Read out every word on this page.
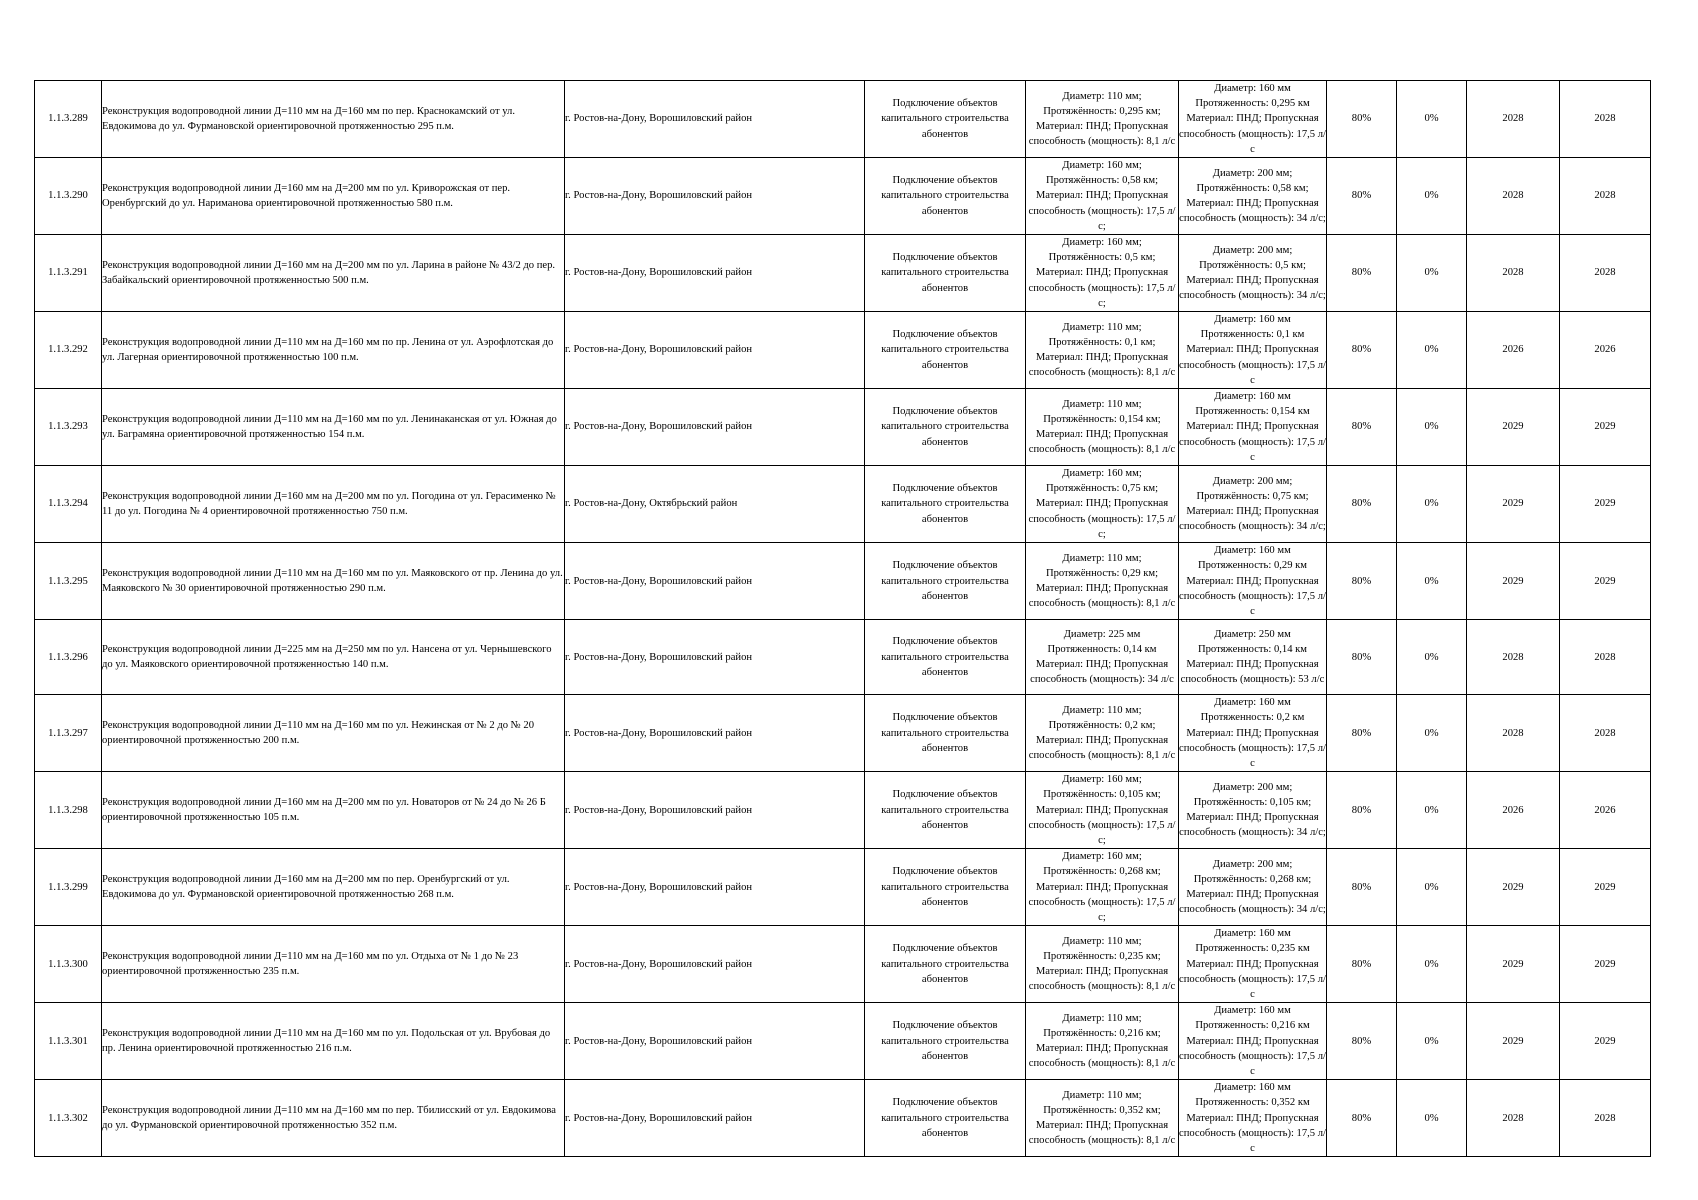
1.1.3.289	Реконструкция водопроводной линии Д=110 мм на Д=160 мм по пер. Краснокамский от ул. Евдокимова до ул. Фурмановской ориентировочной протяженностью 295 п.м.	г. Ростов-на-Дону, Ворошиловский район	Подключение объектов капитального строительства абонентов	Диаметр: 110 мм; Протяжённость: 0,295 км; Материал: ПНД; Пропускная способность (мощность): 8,1 л/с	Диаметр: 160 мм Протяженность: 0,295 км Материал: ПНД; Пропускная способность (мощность): 17,5 л/с	80%	0%	2028	2028
1.1.3.290	Реконструкция водопроводной линии Д=160 мм на Д=200 мм по ул. Криворожская от пер. Оренбургский до ул. Нариманова ориентировочной протяженностью 580 п.м.	г. Ростов-на-Дону, Ворошиловский район	Подключение объектов капитального строительства абонентов	Диаметр: 160 мм; Протяжённость: 0,58 км; Материал: ПНД; Пропускная способность (мощность): 17,5 л/с;	Диаметр: 200 мм; Протяжённость: 0,58 км; Материал: ПНД; Пропускная способность (мощность): 34 л/с;	80%	0%	2028	2028
1.1.3.291	Реконструкция водопроводной линии Д=160 мм на Д=200 мм по ул. Ларина в районе № 43/2 до пер. Забайкальский ориентировочной протяженностью 500 п.м.	г. Ростов-на-Дону, Ворошиловский район	Подключение объектов капитального строительства абонентов	Диаметр: 160 мм; Протяжённость: 0,5 км; Материал: ПНД; Пропускная способность (мощность): 17,5 л/с;	Диаметр: 200 мм; Протяжённость: 0,5 км; Материал: ПНД; Пропускная способность (мощность): 34 л/с;	80%	0%	2028	2028
1.1.3.292	Реконструкция водопроводной линии Д=110 мм на Д=160 мм по пр. Ленина от ул. Аэрофлотская до ул. Лагерная ориентировочной протяженностью 100 п.м.	г. Ростов-на-Дону, Ворошиловский район	Подключение объектов капитального строительства абонентов	Диаметр: 110 мм; Протяжённость: 0,1 км; Материал: ПНД; Пропускная способность (мощность): 8,1 л/с	Диаметр: 160 мм Протяженность: 0,1 км Материал: ПНД; Пропускная способность (мощность): 17,5 л/с	80%	0%	2026	2026
1.1.3.293	Реконструкция водопроводной линии Д=110 мм на Д=160 мм по ул. Ленинаканская от ул. Южная до ул. Баграмяна ориентировочной протяженностью 154 п.м.	г. Ростов-на-Дону, Ворошиловский район	Подключение объектов капитального строительства абонентов	Диаметр: 110 мм; Протяжённость: 0,154 км; Материал: ПНД; Пропускная способность (мощность): 8,1 л/с	Диаметр: 160 мм Протяженность: 0,154 км Материал: ПНД; Пропускная способность (мощность): 17,5 л/с	80%	0%	2029	2029
1.1.3.294	Реконструкция водопроводной линии Д=160 мм на Д=200 мм по ул. Погодина от ул. Герасименко № 11 до ул. Погодина № 4 ориентировочной протяженностью 750 п.м.	г. Ростов-на-Дону, Октябрьский район	Подключение объектов капитального строительства абонентов	Диаметр: 160 мм; Протяжённость: 0,75 км; Материал: ПНД; Пропускная способность (мощность): 17,5 л/с;	Диаметр: 200 мм; Протяжённость: 0,75 км; Материал: ПНД; Пропускная способность (мощность): 34 л/с;	80%	0%	2029	2029
1.1.3.295	Реконструкция водопроводной линии Д=110 мм на Д=160 мм по ул. Маяковского от пр. Ленина до ул. Маяковского № 30 ориентировочной протяженностью 290 п.м.	г. Ростов-на-Дону, Ворошиловский район	Подключение объектов капитального строительства абонентов	Диаметр: 110 мм; Протяжённость: 0,29 км; Материал: ПНД; Пропускная способность (мощность): 8,1 л/с	Диаметр: 160 мм Протяженность: 0,29 км Материал: ПНД; Пропускная способность (мощность): 17,5 л/с	80%	0%	2029	2029
1.1.3.296	Реконструкция водопроводной линии Д=225 мм на Д=250 мм по ул. Нансена от ул. Чернышевского до ул. Маяковского ориентировочной протяженностью 140 п.м.	г. Ростов-на-Дону, Ворошиловский район	Подключение объектов капитального строительства абонентов	Диаметр: 225 мм Протяженность: 0,14 км Материал: ПНД; Пропускная способность (мощность): 34 л/с	Диаметр: 250 мм Протяженность: 0,14 км Материал: ПНД; Пропускная способность (мощность): 53 л/с	80%	0%	2028	2028
1.1.3.297	Реконструкция водопроводной линии Д=110 мм на Д=160 мм по ул. Нежинская от № 2 до № 20 ориентировочной протяженностью 200 п.м.	г. Ростов-на-Дону, Ворошиловский район	Подключение объектов капитального строительства абонентов	Диаметр: 110 мм; Протяжённость: 0,2 км; Материал: ПНД; Пропускная способность (мощность): 8,1 л/с	Диаметр: 160 мм Протяженность: 0,2 км Материал: ПНД; Пропускная способность (мощность): 17,5 л/с	80%	0%	2028	2028
1.1.3.298	Реконструкция водопроводной линии Д=160 мм на Д=200 мм по ул. Новаторов от № 24 до № 26 Б ориентировочной протяженностью 105 п.м.	г. Ростов-на-Дону, Ворошиловский район	Подключение объектов капитального строительства абонентов	Диаметр: 160 мм; Протяжённость: 0,105 км; Материал: ПНД; Пропускная способность (мощность): 17,5 л/с;	Диаметр: 200 мм; Протяжённость: 0,105 км; Материал: ПНД; Пропускная способность (мощность): 34 л/с;	80%	0%	2026	2026
1.1.3.299	Реконструкция водопроводной линии Д=160 мм на Д=200 мм по пер. Оренбургский от ул. Евдокимова до ул. Фурмановской ориентировочной протяженностью 268 п.м.	г. Ростов-на-Дону, Ворошиловский район	Подключение объектов капитального строительства абонентов	Диаметр: 160 мм; Протяжённость: 0,268 км; Материал: ПНД; Пропускная способность (мощность): 17,5 л/с;	Диаметр: 200 мм; Протяжённость: 0,268 км; Материал: ПНД; Пропускная способность (мощность): 34 л/с;	80%	0%	2029	2029
1.1.3.300	Реконструкция водопроводной линии Д=110 мм на Д=160 мм по ул. Отдыха от № 1 до № 23 ориентировочной протяженностью 235 п.м.	г. Ростов-на-Дону, Ворошиловский район	Подключение объектов капитального строительства абонентов	Диаметр: 110 мм; Протяжённость: 0,235 км; Материал: ПНД; Пропускная способность (мощность): 8,1 л/с	Диаметр: 160 мм Протяженность: 0,235 км Материал: ПНД; Пропускная способность (мощность): 17,5 л/с	80%	0%	2029	2029
1.1.3.301	Реконструкция водопроводной линии Д=110 мм на Д=160 мм по ул. Подольская от ул. Врубовая до пр. Ленина ориентировочной протяженностью 216 п.м.	г. Ростов-на-Дону, Ворошиловский район	Подключение объектов капитального строительства абонентов	Диаметр: 110 мм; Протяжённость: 0,216 км; Материал: ПНД; Пропускная способность (мощность): 8,1 л/с	Диаметр: 160 мм Протяженность: 0,216 км Материал: ПНД; Пропускная способность (мощность): 17,5 л/с	80%	0%	2029	2029
1.1.3.302	Реконструкция водопроводной линии Д=110 мм на Д=160 мм по пер. Тбилисский от ул. Евдокимова до ул. Фурмановской ориентировочной протяженностью 352 п.м.	г. Ростов-на-Дону, Ворошиловский район	Подключение объектов капитального строительства абонентов	Диаметр: 110 мм; Протяжённость: 0,352 км; Материал: ПНД; Пропускная способность (мощность): 8,1 л/с	Диаметр: 160 мм Протяженность: 0,352 км Материал: ПНД; Пропускная способность (мощность): 17,5 л/с	80%	0%	2028	2028
